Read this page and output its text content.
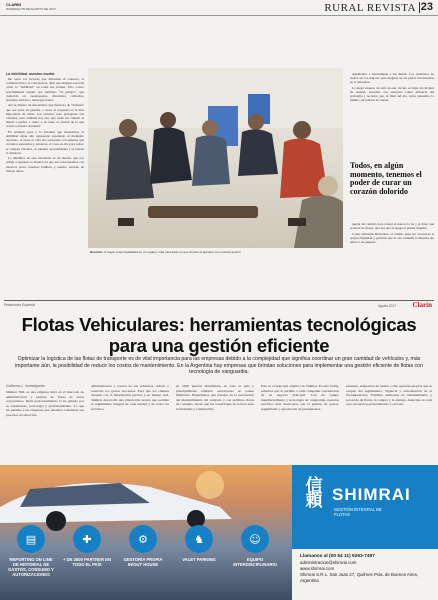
CLARIN
DOMINGO 25 DE AGOSTO DE 2017	RURAL REVISTA 23
La debilidad, asesino mortal

De todos los factores que dificultan el contacto, la comunicación y la convivencia, diría que ninguno tan letal como la “debilidad” en todas sus formas. Esto ocurre sencillamente cuando nos sentimos “en peligro”, que traducido es: cuestionados, discutidos, criticados, atacados, heridos o menospreciados.

Así se dispara un mecanismo que funciona de “defensa” que nos pone en guardia, a veces la respuesta es la más importante de todas. Los recursos para protegerse son variados, pero también hay uno que suele ser común: el miedo a perder, a ceder, a no tener el control de lo que ocurre a nuestro alrededor.

En realidad, pese a la fortaleza que mostramos, la debilidad sigue allí, agazapada esperando el momento oportuno. A veces la vida nos sorprende con temores que creíamos superados y, entonces, el costo es alto para todos: se rompen vínculos, se pierden oportunidades y se instala la distancia.

La dinámica de este fenómeno es un desafío que nos obliga a repensar la manera en que nos relacionamos con nuestros pares, nuestras familias y nuestro entorno de trabajo diario.

Reunión. A mayor responsabilidad en un equipo, más necesario es que demos el ejemplo con nuestra acción.

argumentos e interrumpan a los demás. Los resultados no suelen ser los mejores para ninguna de las partes involucradas en la discusión.

La mejor manera de salir de este círculo es bajar los niveles de tensión, escuchar con atención, tomar distancia del problema y recordar que, al final del día, todos queremos lo mismo: ser tenidos en cuenta.

Todos, en algún momento, tenemos el poder de curar un corazón dolorido

quería del cuidado para tolerar el rencor, la ira y el dolor que produce la ofensa, una vez que se apaga el primer impulso.

Como planteaba Belvedere, el camino pasa por reconocer la propia fragilidad y permitir que el otro también la muestre sin temor a ser juzgado.

Producción Especial	Agosto 2017 Clarín
Flotas Vehiculares: herramientas tecnológicas para una gestión eficiente
Optimizar la logística de las flotas de transporte es de vital importancia para las empresas debido a la complejidad que significa coordinar un gran cantidad de vehículos y, más importante aún, la posibilidad de reducir los costos de mantenimiento. En la Argentina hay empresas que brindan soluciones para implementar una gestión eficiente de flotas con tecnología de vanguardia.
Guillermo L. Investigación
Shimrai SRL es una empresa líder en el mercado de administración y gestión de flotas de autos corporativos. Debe posicionamiento lo ha ganado por su experiencia, tecnología y profesionalismo. Lo que les permite a las empresas que atienden centralizar sus procesos de selección,
administración y control de sus vehículos, reducir y controlar los gastos asociados. Para que los clientes cuenten con la información precisa y en tiempo real, Shimrai desarrolló una plataforma propia que permite el seguimiento integral de cada unidad y de todos los servicios,
en 2500 puertas distribuidas en todo el país y principalmente también operaciones en países limítrofes. Entendemos que trabajar en la prevención del mantenimiento del vehículo y con políticas claras de consumo, hacen que las condiciones de la flota sean trasladables y comparables.
Esto es el principal objetivo de Shimrai. Es esta forma, sabemos que le permite a cada compañía concentrarse en su negocio principal. Con un equipo interdisciplinario y tecnología de vanguardia, nuestros servicios más destacados son la gestión de gastos, seguimiento y aprobación de presupuestos.
pasantes, asignación de turnos, como gestores propios que se ocupan del seguimiento. Vigencia y actualización de la documentación. También auditorías en mantenimiento y recorrido de flotas, la compra y la entrega. Atención en cada caso un servicio personalizado y cercano.
▤
REPORTING ON LINE DE HISTORIAL DE GASTOS, CONSUMO Y AUTORIZACIONES
✚
+ DE 2500 PARTNER EN TODO EL PAÍS
⚙
GESTORÍA PROPIA IN/OUT HOUSE
♞
VALET PARKING
☺
EQUIPO INTERDISCIPLINARIO
信 頼 SHIMRAI
GESTIÓN INTEGRAL DE FLOTAS
Llamanos al (00 54 11) 5263-7497
administracion@shimrai.com
www.shimrai.com
Shimrai S.R.L. San Juan 27, Quilmes Pcia. de Buenos Aires, Argentina
